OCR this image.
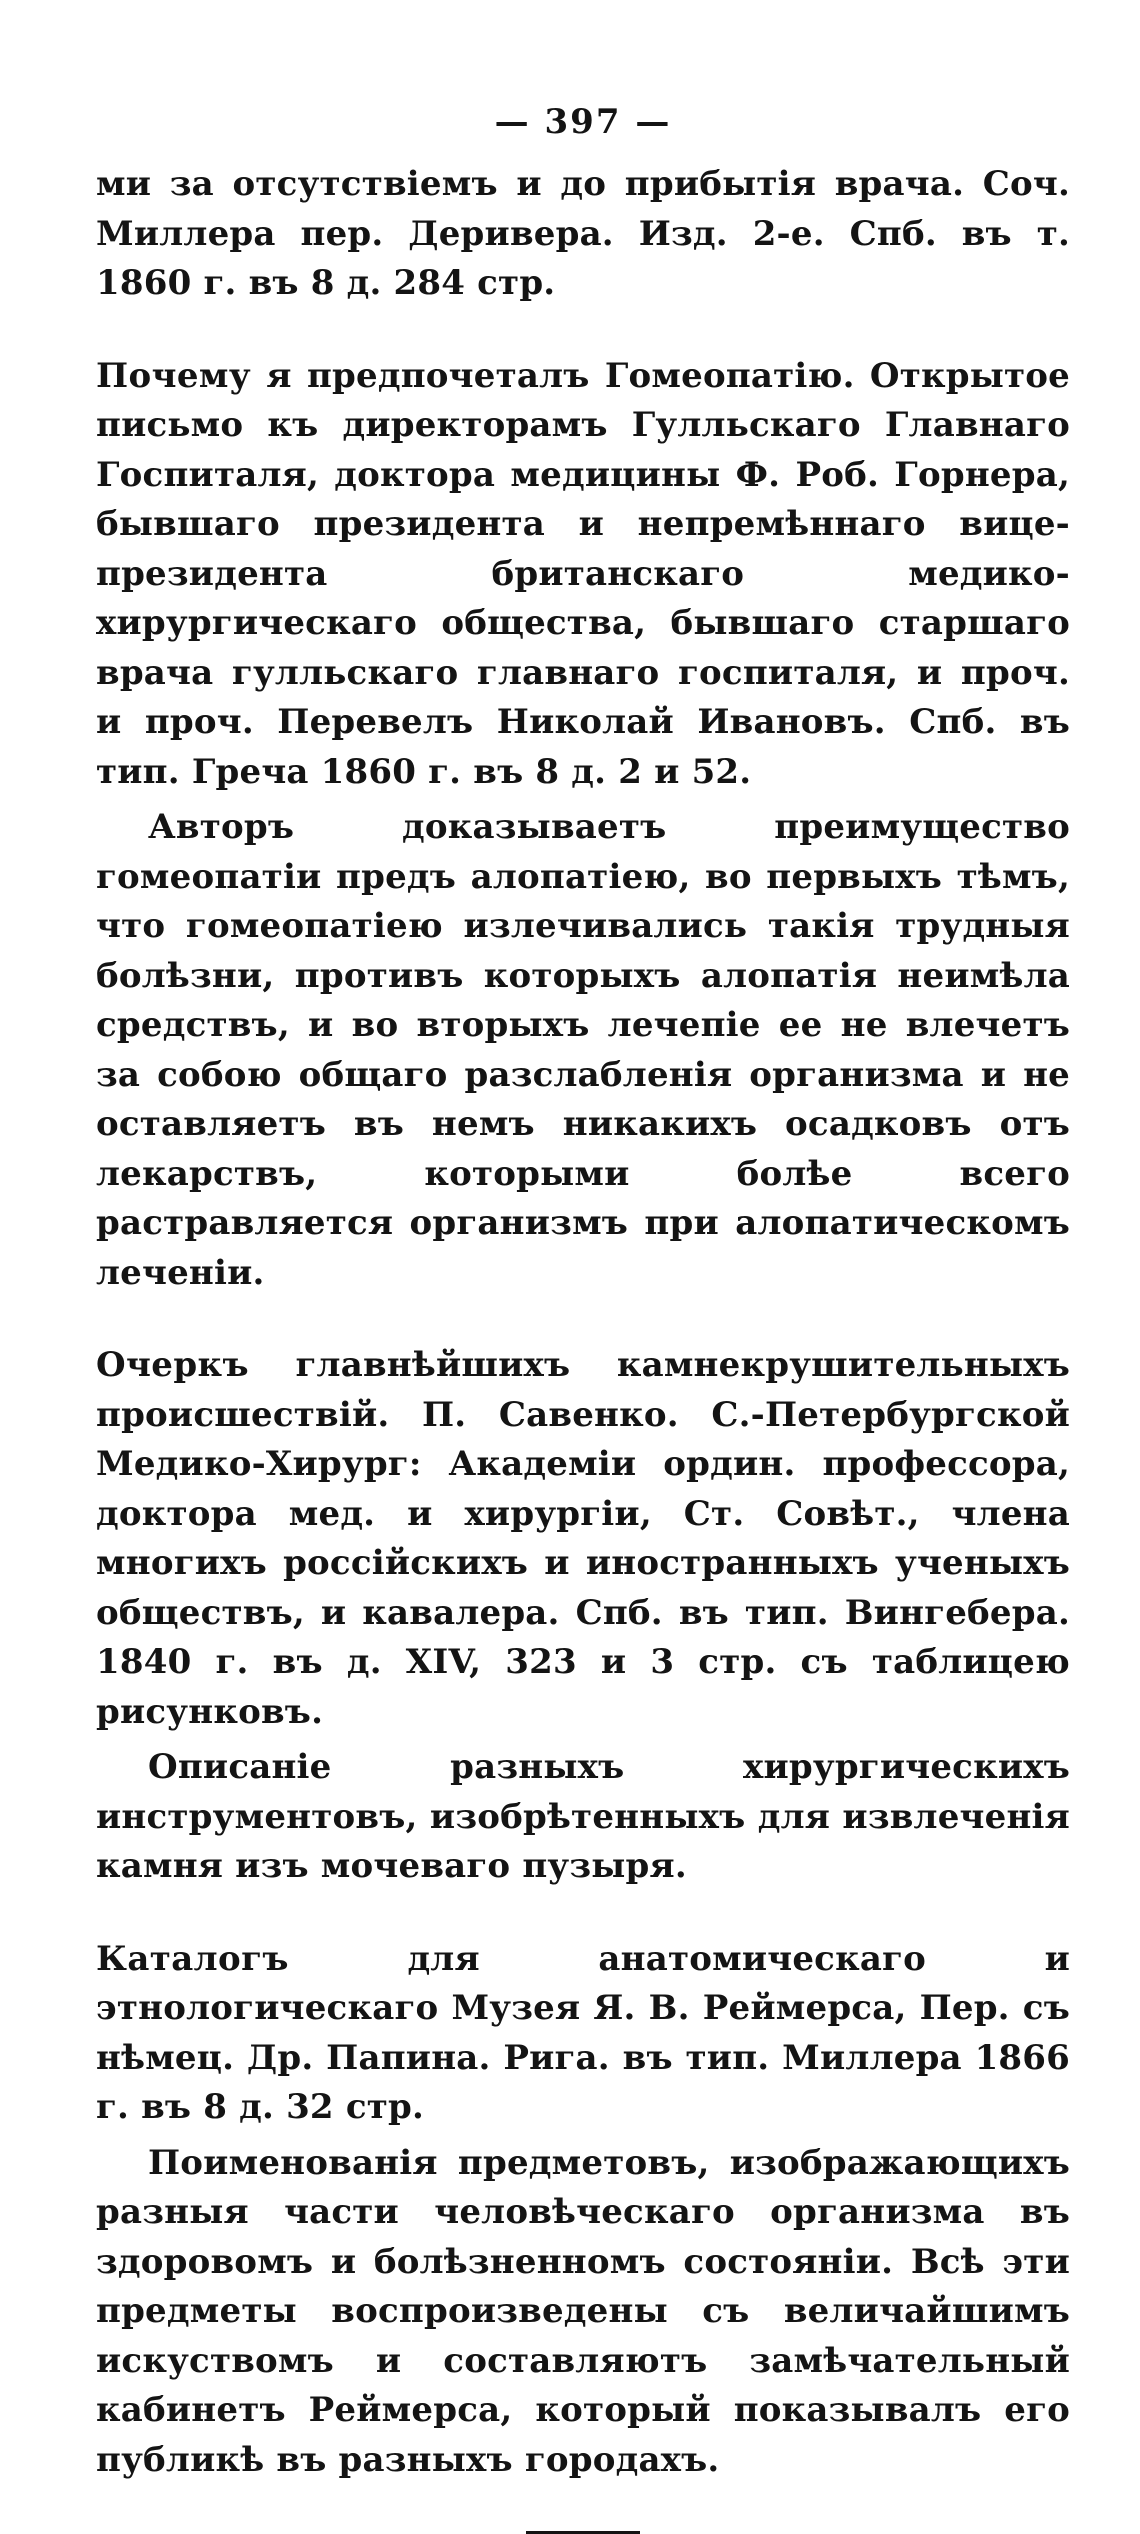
— 397 —

ми за отсутствіемъ и до прибытія врача. Соч. Миллера пер. Деривера. Изд. 2-е. Спб. въ т. 1860 г. въ 8 д. 284 стр.

Почему я предпочеталъ Гомеопатію. Открытое письмо къ директорамъ Гулльскаго Главнаго Госпиталя, доктора медицины Ф. Роб. Горнера, бывшаго президента и непремѣннаго вице-президента британскаго медико-хирургическаго общества, бывшаго старшаго врача гулльскаго главнаго госпиталя, и проч. и проч. Перевелъ Николай Ивановъ. Спб. въ тип. Греча 1860 г. въ 8 д. 2 и 52.

Авторъ доказываетъ преимущество гомеопатіи предъ алопатіею, во первыхъ тѣмъ, что гомеопатіею излечивались такія трудныя болѣзни, противъ которыхъ алопатія неимѣла средствъ, и во вторыхъ лечепіе ее не влечетъ за собою общаго разслабленія организма и не оставляетъ въ немъ никакихъ осадковъ отъ лекарствъ, которыми болѣе всего растравляется организмъ при алопатическомъ леченіи.

Очеркъ главнѣйшихъ камнекрушительныхъ происшествій. П. Савенко. С.-Петербургской Медико-Хирург: Академіи ордин. профессора, доктора мед. и хирургіи, Ст. Совѣт., члена многихъ россійскихъ и иностранныхъ ученыхъ обществъ, и кавалера. Спб. въ тип. Вингебера. 1840 г. въ д. XIV, 323 и 3 стр. съ таблицею рисунковъ.

Описаніе разныхъ хирургическихъ инструментовъ, изобрѣтенныхъ для извлеченія камня изъ мочеваго пузыря.

Каталогъ для анатомическаго и этнологическаго Музея Я. В. Реймерса, Пер. съ нѣмец. Др. Папина. Рига. въ тип. Миллера 1866 г. въ 8 д. 32 стр.

Поименованія предметовъ, изображающихъ разныя части человѣческаго организма въ здоровомъ и болѣзненномъ состояніи. Всѣ эти предметы воспроизведены съ величайшимъ искуствомъ и составляютъ замѣчательный кабинетъ Реймерса, который показывалъ его публикѣ въ разныхъ городахъ.
